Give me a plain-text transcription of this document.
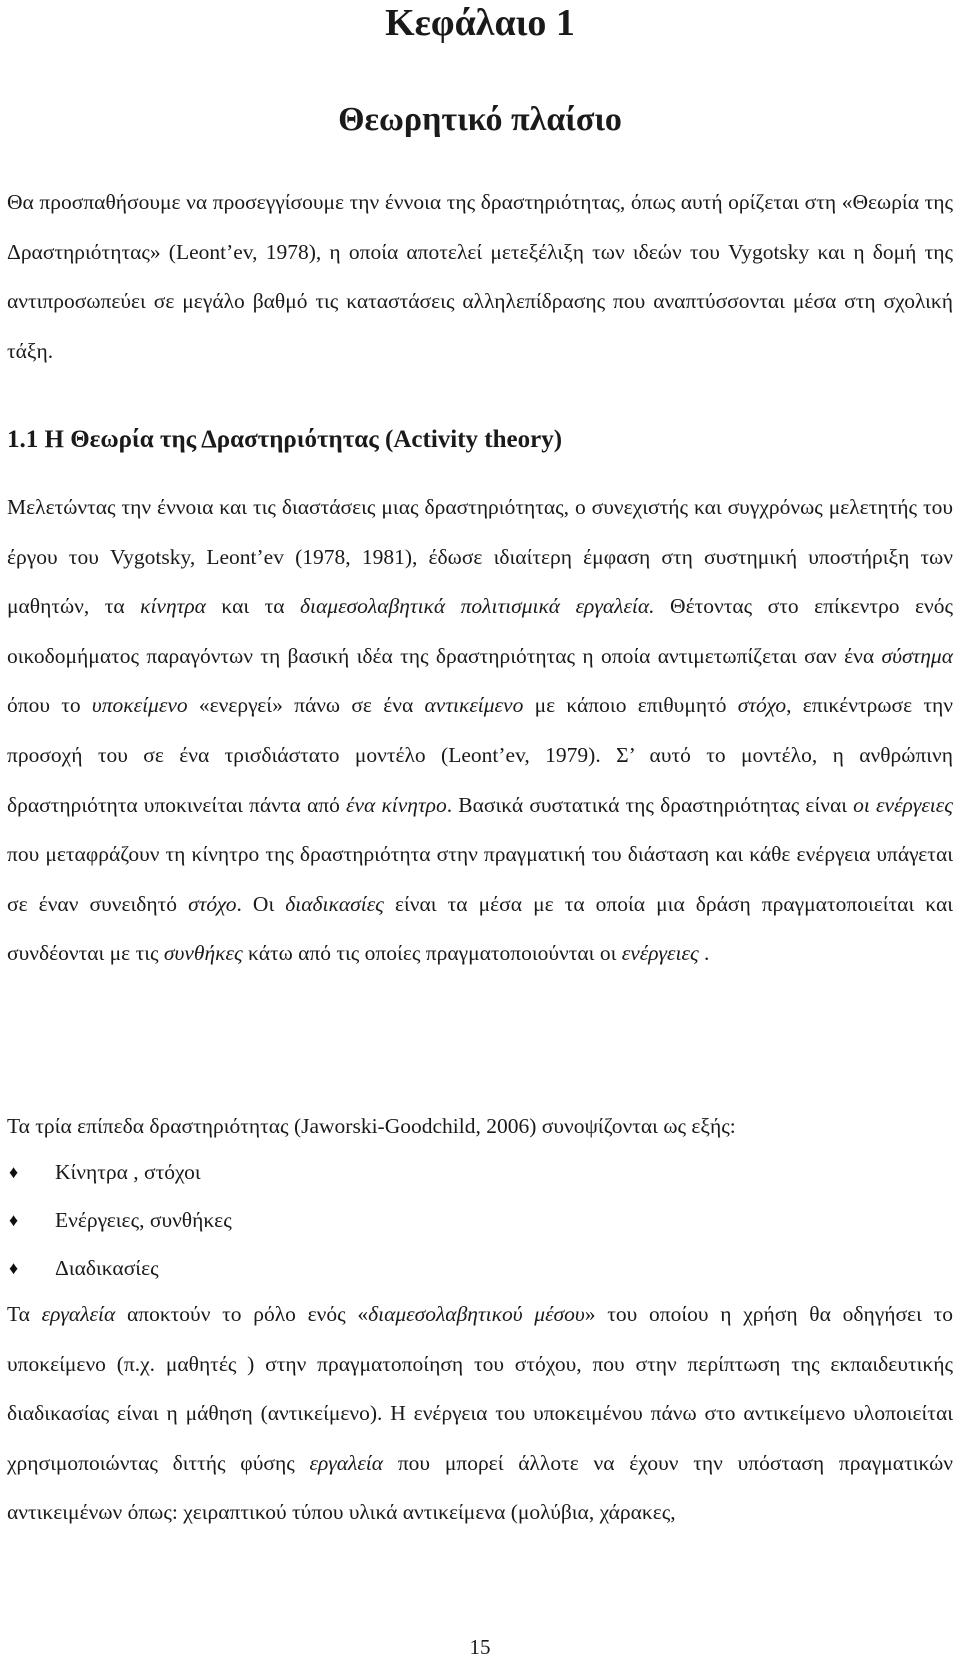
Κεφάλαιο 1
Θεωρητικό πλαίσιο

Θα προσπαθήσουμε να προσεγγίσουμε την έννοια της δραστηριότητας, όπως αυτή ορίζεται στη «Θεωρία της Δραστηριότητας» (Leont’ev, 1978), η οποία αποτελεί μετεξέλιξη των ιδεών του Vygotsky και η δομή της αντιπροσωπεύει σε μεγάλο βαθμό τις καταστάσεις αλληλεπίδρασης που αναπτύσσονται μέσα στη σχολική τάξη.

1.1 Η Θεωρία της Δραστηριότητας (Activity theory)

Μελετώντας την έννοια και τις διαστάσεις μιας δραστηριότητας, ο συνεχιστής και συγχρόνως μελετητής του έργου του Vygotsky, Leont’ev (1978, 1981), έδωσε ιδιαίτερη έμφαση στη συστημική υποστήριξη των μαθητών, τα κίνητρα και τα διαμεσολαβητικά πολιτισμικά εργαλεία. Θέτοντας στο επίκεντρο ενός οικοδομήματος παραγόντων τη βασική ιδέα της δραστηριότητας η οποία αντιμετωπίζεται σαν ένα σύστημα όπου το υποκείμενο «ενεργεί» πάνω σε ένα αντικείμενο με κάποιο επιθυμητό στόχο, επικέντρωσε την προσοχή του σε ένα τρισδιάστατο μοντέλο (Leont’ev, 1979). Σ’ αυτό το μοντέλο, η ανθρώπινη δραστηριότητα υποκινείται πάντα από ένα κίνητρο. Βασικά συστατικά της δραστηριότητας είναι οι ενέργειες που μεταφράζουν τη κίνητρο της δραστηριότητα στην πραγματική του διάσταση και κάθε ενέργεια υπάγεται σε έναν συνειδητό στόχο. Οι διαδικασίες είναι τα μέσα με τα οποία μια δράση πραγματοποιείται και συνδέονται με τις συνθήκες κάτω από τις οποίες πραγματοποιούνται οι ενέργειες .

Τα τρία επίπεδα δραστηριότητας (Jaworski-Goodchild, 2006) συνοψίζονται ως εξής:

♦ Κίνητρα , στόχοι
♦ Ενέργειες, συνθήκες
♦ Διαδικασίες

Τα εργαλεία αποκτούν το ρόλο ενός «διαμεσολαβητικού μέσου» του οποίου η χρήση θα οδηγήσει το υποκείμενο (π.χ. μαθητές ) στην πραγματοποίηση του στόχου, που στην περίπτωση της εκπαιδευτικής διαδικασίας είναι η μάθηση (αντικείμενο). Η ενέργεια του υποκειμένου πάνω στο αντικείμενο υλοποιείται χρησιμοποιώντας διττής φύσης εργαλεία που μπορεί άλλοτε να έχουν την υπόσταση πραγματικών αντικειμένων όπως: χειραπτικού τύπου υλικά αντικείμενα (μολύβια, χάρακες,

15
